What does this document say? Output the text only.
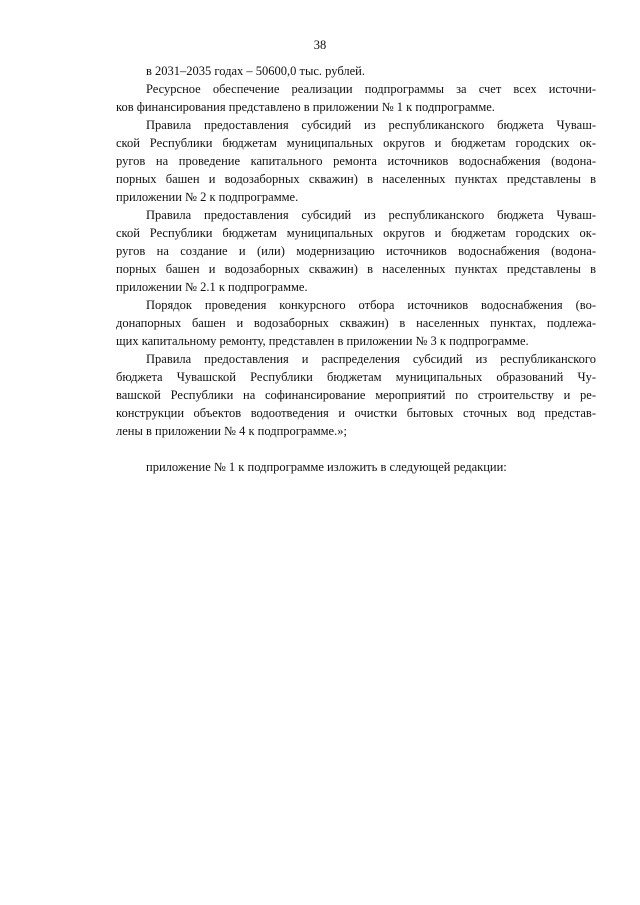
38
в 2031–2035 годах – 50600,0 тыс. рублей.
Ресурсное обеспечение реализации подпрограммы за счет всех источни-
ков финансирования представлено в приложении № 1 к подпрограмме.
Правила предоставления субсидий из республиканского бюджета Чуваш-
ской Республики бюджетам муниципальных округов и бюджетам городских ок-
ругов на проведение капитального ремонта источников водоснабжения (водона-
порных башен и водозаборных скважин) в населенных пунктах представлены в
приложении № 2 к подпрограмме.
Правила предоставления субсидий из республиканского бюджета Чуваш-
ской Республики бюджетам муниципальных округов и бюджетам городских ок-
ругов на создание и (или) модернизацию источников водоснабжения (водона-
порных башен и водозаборных скважин) в населенных пунктах представлены в
приложении № 2.1 к подпрограмме.
Порядок проведения конкурсного отбора источников водоснабжения (во-
донапорных башен и водозаборных скважин) в населенных пунктах, подлежа-
щих капитальному ремонту, представлен в приложении № 3 к подпрограмме.
Правила предоставления и распределения субсидий из республиканского
бюджета Чувашской Республики бюджетам муниципальных образований Чу-
вашской Республики на софинансирование мероприятий по строительству и ре-
конструкции объектов водоотведения и очистки бытовых сточных вод представ-
лены в приложении № 4 к подпрограмме.»;
приложение № 1 к подпрограмме изложить в следующей редакции:
